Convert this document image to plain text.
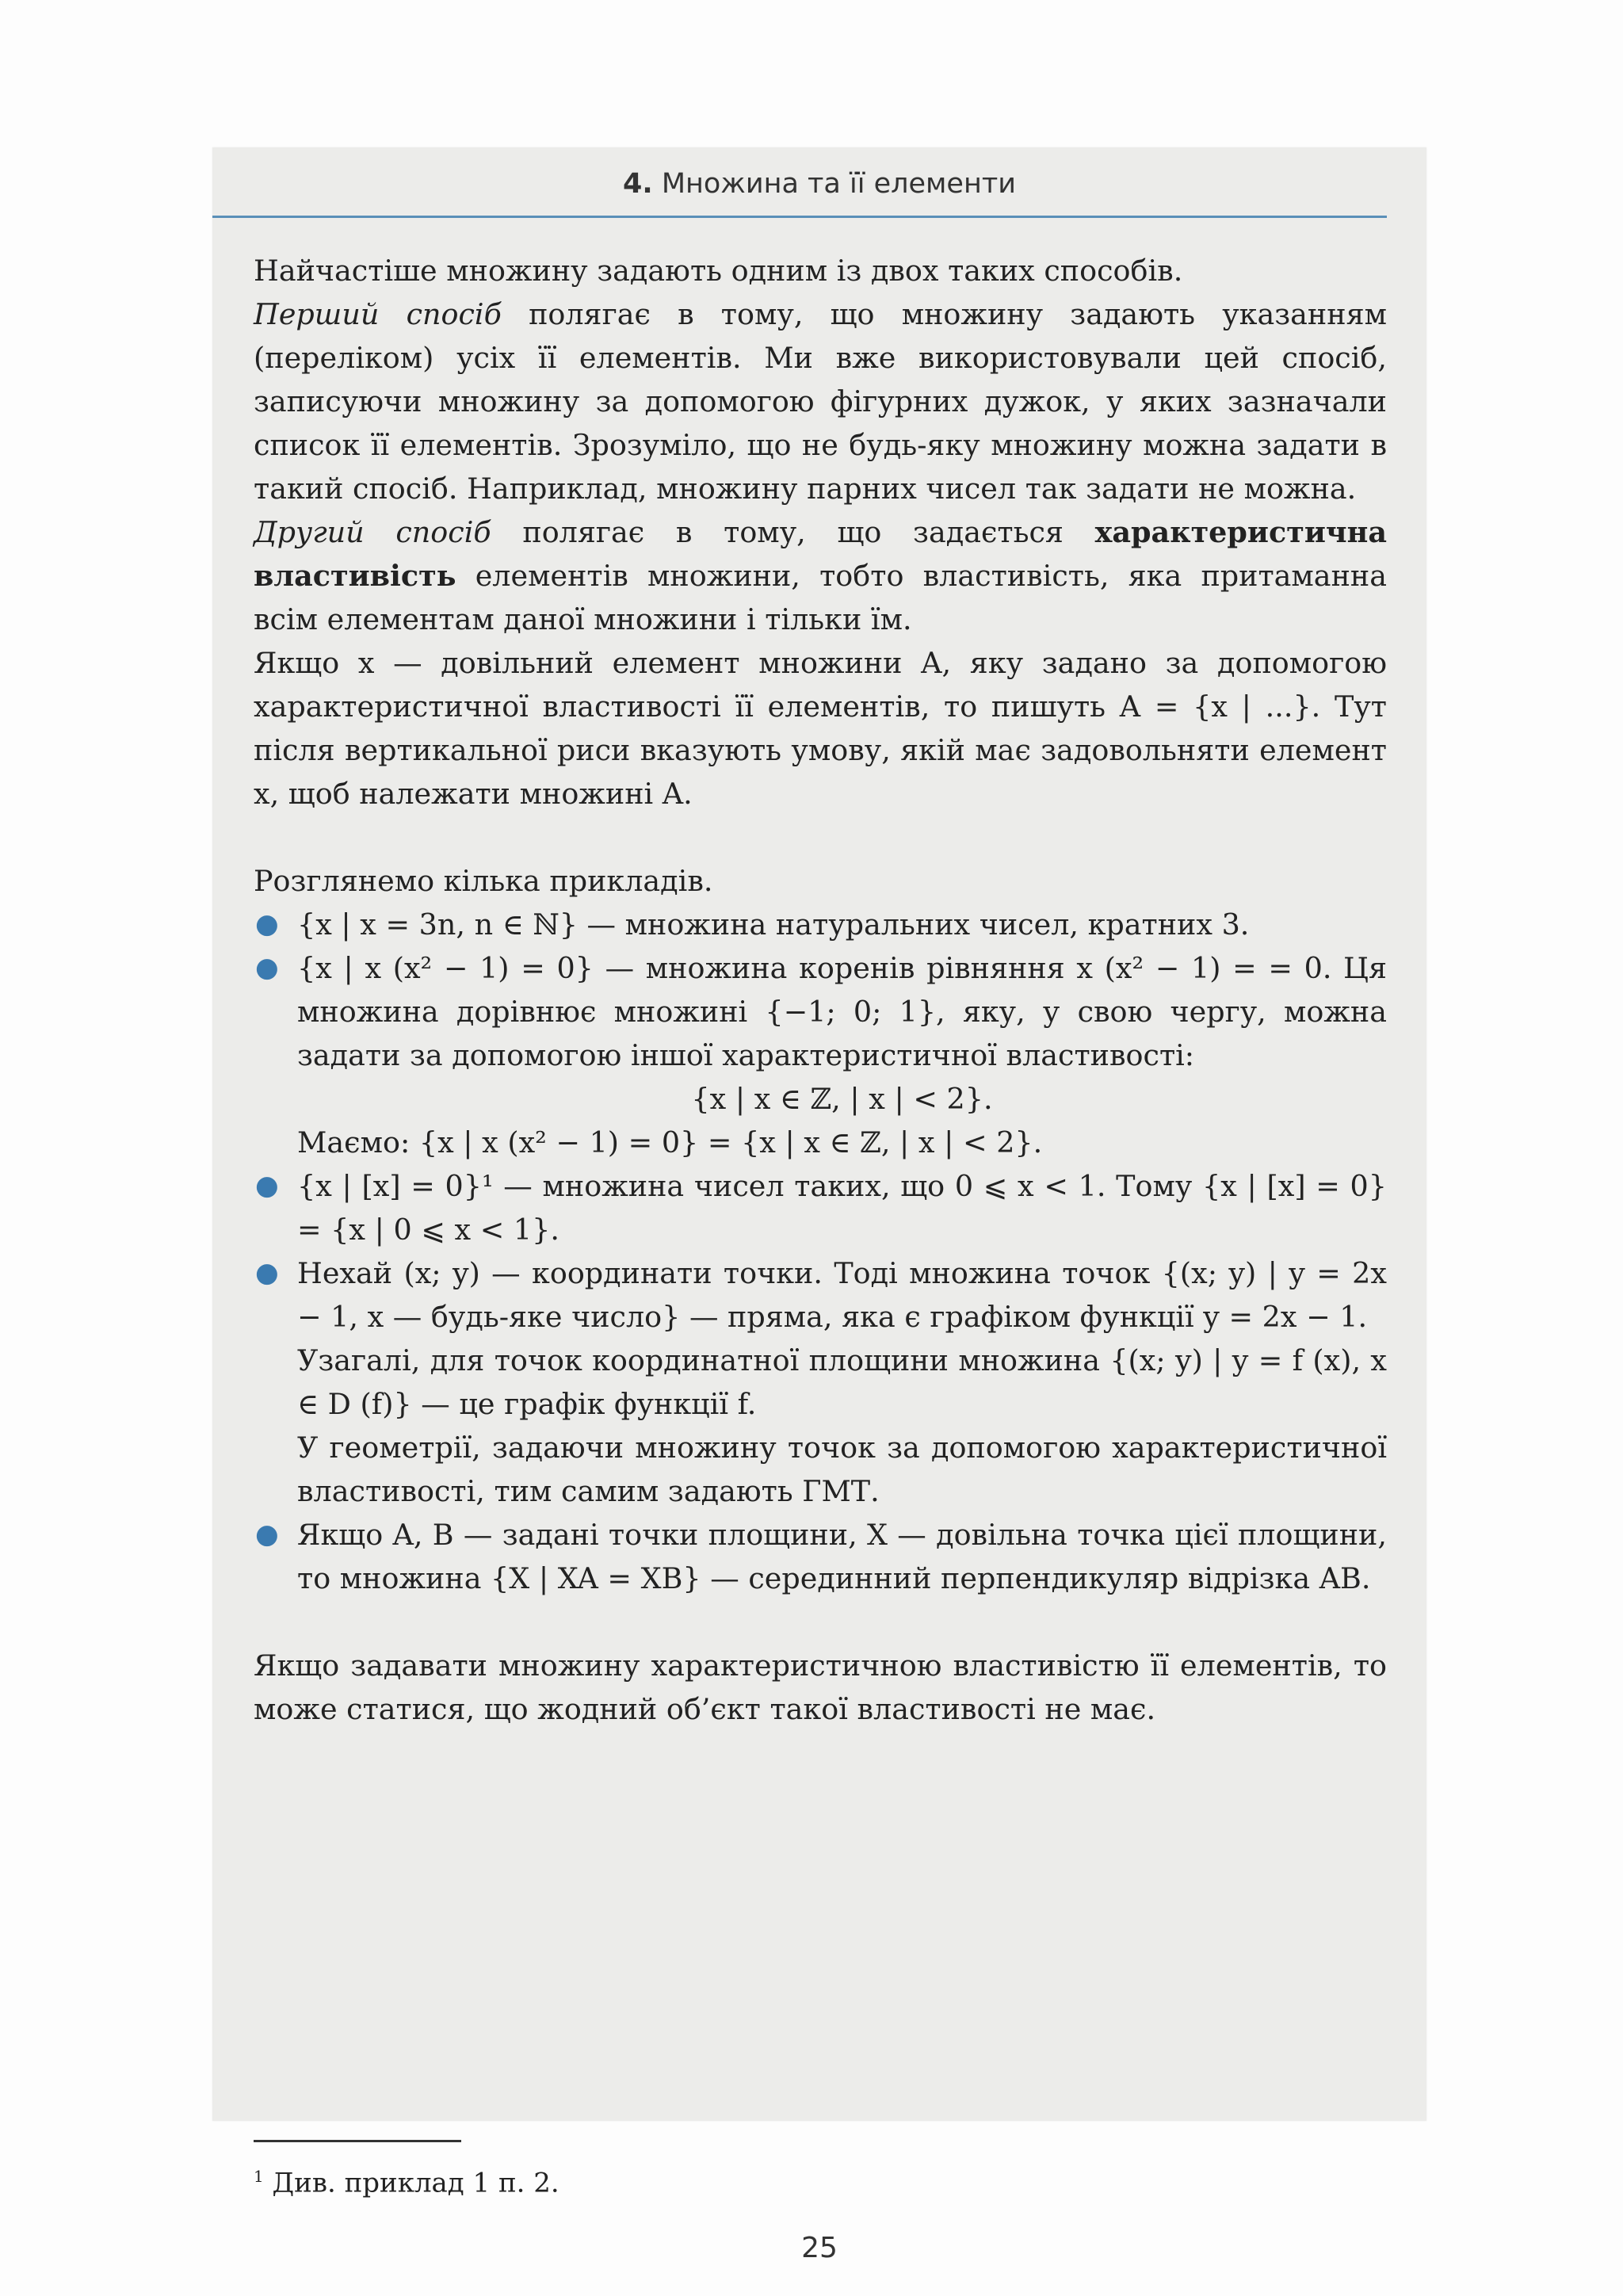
4. Множина та її елементи

Найчастіше множину задають одним із двох таких способів.

Перший спосіб полягає в тому, що множину задають указанням (переліком) усіх її елементів. Ми вже використовували цей спосіб, записуючи множину за допомогою фігурних дужок, у яких зазначали список її елементів. Зрозуміло, що не будь-яку множину можна задати в такий спосіб. Наприклад, множину парних чисел так задати не можна.

Другий спосіб полягає в тому, що задається характеристична властивість елементів множини, тобто властивість, яка притаманна всім елементам даної множини і тільки їм.

Якщо x — довільний елемент множини A, яку задано за допомогою характеристичної властивості її елементів, то пишуть A = {x | ...}. Тут після вертикальної риси вказують умову, якій має задовольняти елемент x, щоб належати множині A.

Розглянемо кілька прикладів.

● {x | x = 3n, n ∈ ℕ} — множина натуральних чисел, кратних 3.
● {x | x (x² − 1) = 0} — множина коренів рівняння x (x² − 1) = = 0. Ця множина дорівнює множині {−1; 0; 1}, яку, у свою чергу, можна задати за допомогою іншої характеристичної властивості:
{x | x ∈ ℤ, | x | < 2}.
Маємо: {x | x (x² − 1) = 0} = {x | x ∈ ℤ, | x | < 2}.
● {x | [x] = 0}¹ — множина чисел таких, що 0 ⩽ x < 1. Тому {x | [x] = 0} = {x | 0 ⩽ x < 1}.
● Нехай (x; y) — координати точки. Тоді множина точок {(x; y) | y = 2x − 1, x — будь-яке число} — пряма, яка є графіком функції y = 2x − 1.
Узагалі, для точок координатної площини множина {(x; y) | y = f (x), x ∈ D (f)} — це графік функції f.
У геометрії, задаючи множину точок за допомогою характеристичної властивості, тим самим задають ГМТ.
● Якщо A, B — задані точки площини, X — довільна точка цієї площини, то множина {X | XA = XB} — серединний перпендикуляр відрізка AB.

Якщо задавати множину характеристичною властивістю її елементів, то може статися, що жодний об’єкт такої властивості не має.

$^1$ Див. приклад 1 п. 2.
25
